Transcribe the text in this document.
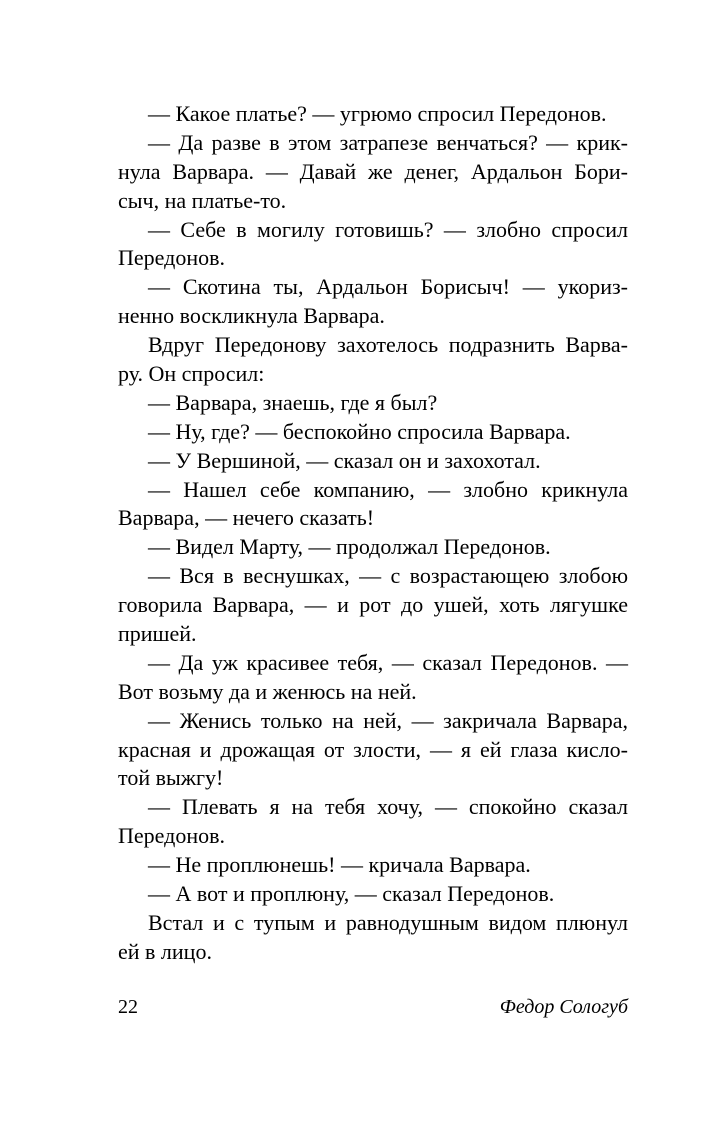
— Какое платье? — угрюмо спросил Передонов.
— Да разве в этом затрапезе венчаться? — крик-
нула Варвара. — Давай же денег, Ардальон Бори-
сыч, на платье-то.
— Себе в могилу готовишь? — злобно спросил
Передонов.
— Скотина ты, Ардальон Борисыч! — укориз-
ненно воскликнула Варвара.
Вдруг Передонову захотелось подразнить Варва-
ру. Он спросил:
— Варвара, знаешь, где я был?
— Ну, где? — беспокойно спросила Варвара.
— У Вершиной, — сказал он и захохотал.
— Нашел себе компанию, — злобно крикнула
Варвара, — нечего сказать!
— Видел Марту, — продолжал Передонов.
— Вся в веснушках, — с возрастающею злобою
говорила Варвара, — и рот до ушей, хоть лягушке
пришей.
— Да уж красивее тебя, — сказал Передонов. —
Вот возьму да и женюсь на ней.
— Женись только на ней, — закричала Варвара,
красная и дрожащая от злости, — я ей глаза кисло-
той выжгу!
— Плевать я на тебя хочу, — спокойно сказал
Передонов.
— Не проплюнешь! — кричала Варвара.
— А вот и проплюну, — сказал Передонов.
Встал и с тупым и равнодушным видом плюнул
ей в лицо.
22	Федор Сологуб
